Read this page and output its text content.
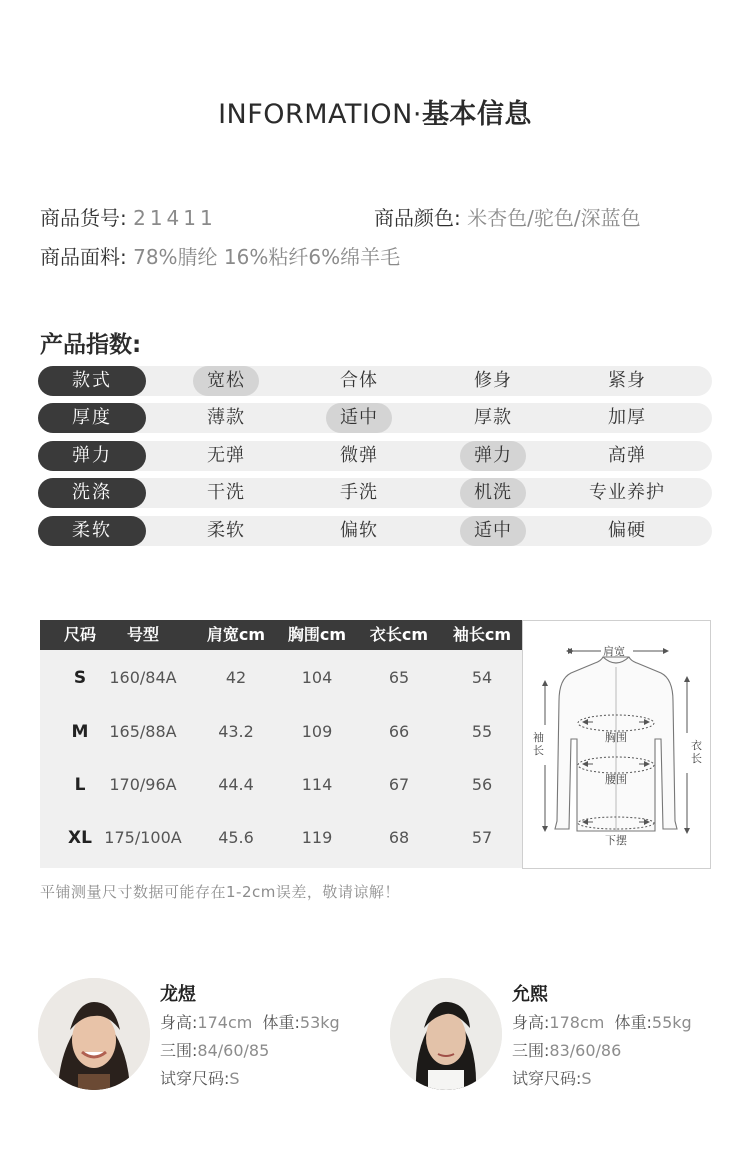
INFORMATION·基本信息
商品货号: 21411	商品颜色: 米杏色/驼色/深蓝色
商品面料: 78%腈纶 16%粘纤6%绵羊毛
产品指数:
款式	宽松	合体	修身	紧身
厚度	薄款	适中	厚款	加厚
弹力	无弹	微弹	弹力	高弹
洗涤	干洗	手洗	机洗	专业养护
柔软	柔软	偏软	适中	偏硬
尺码	号型	肩宽cm	胸围cm	衣长cm	袖长cm
S	160/84A	42	104	65	54
M	165/88A	43.2	109	66	55
L	170/96A	44.4	114	67	56
XL 175/100A	45.6	119	68	57
肩宽
胸围
腰围
下摆
袖
长	衣
长
平铺测量尺寸数据可能存在1-2cm误差，敬请谅解！
龙煜
身高:174cm 体重:53kg
三围:84/60/85
试穿尺码:S
允熙
身高:178cm 体重:55kg
三围:83/60/86
试穿尺码:S
